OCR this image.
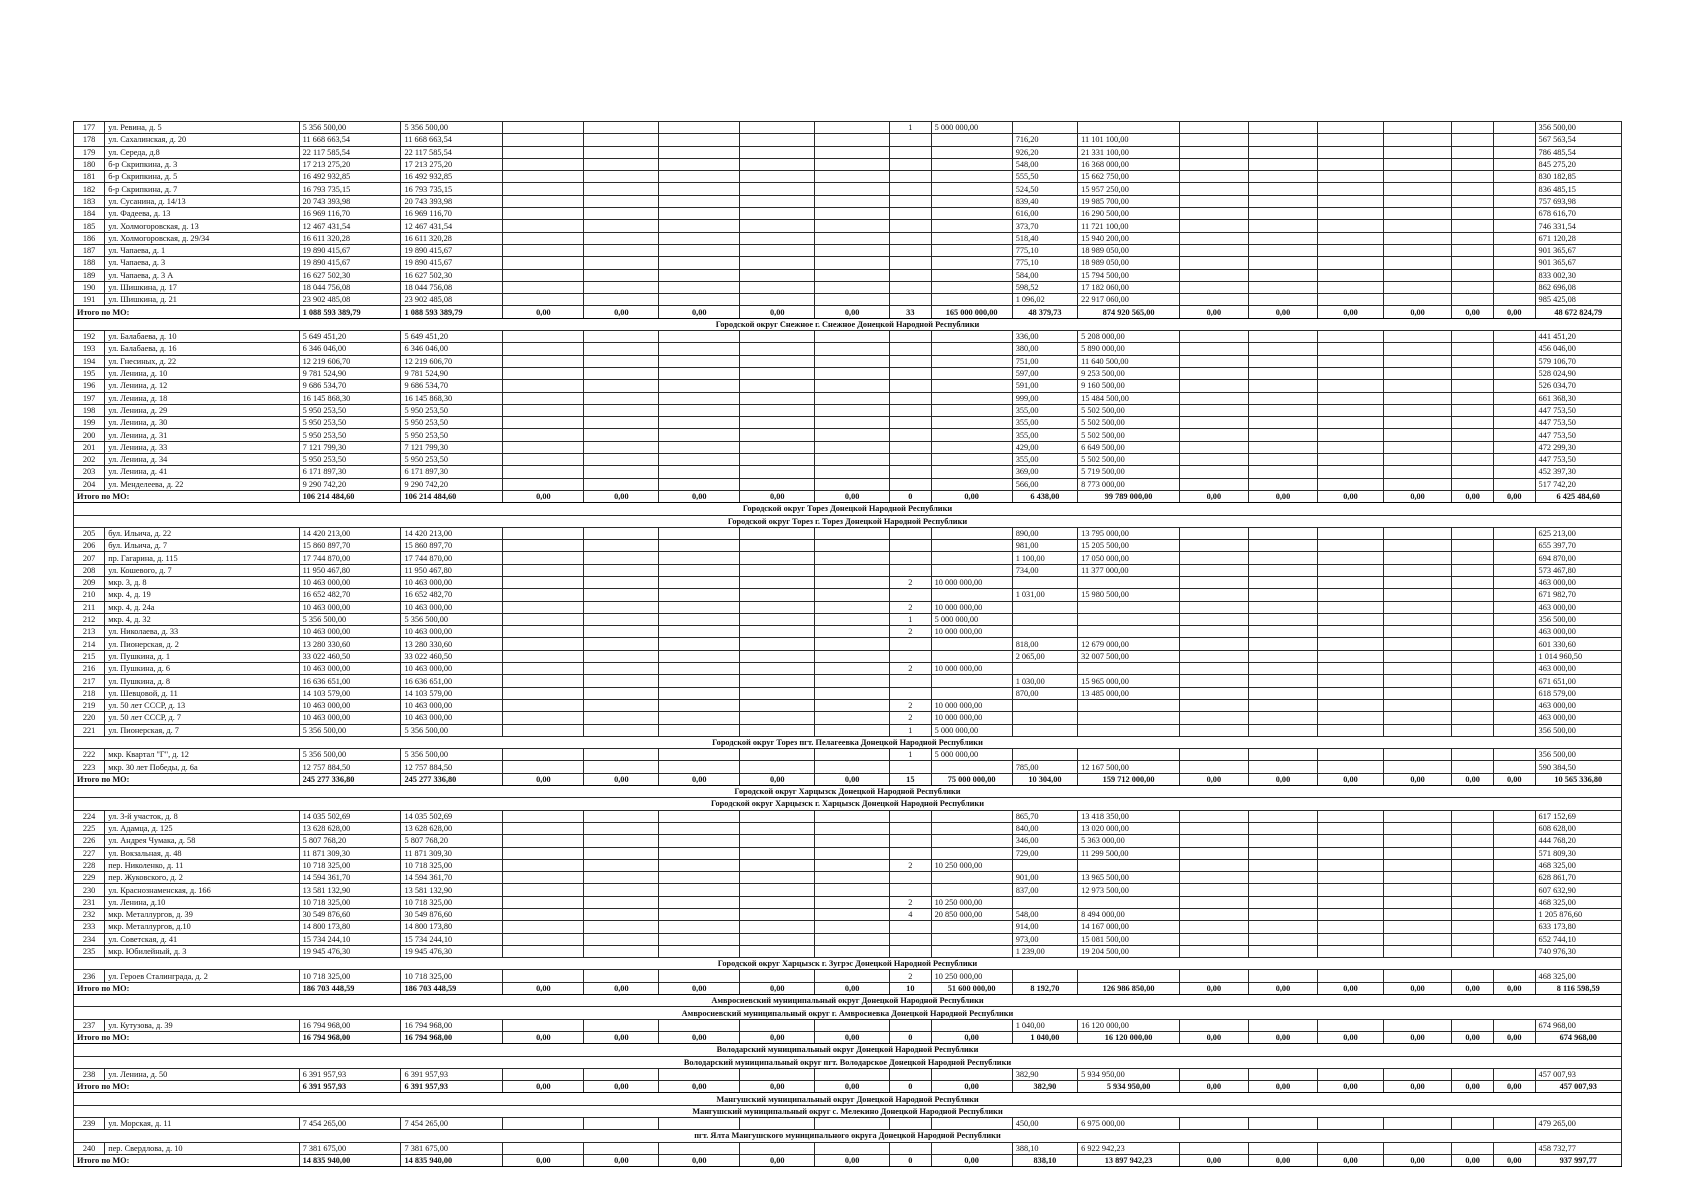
177	ул. Ревина, д. 5	5 356 500,00	5 356 500,00						1	5 000 000,00									356 500,00
178	ул. Сахалинская, д. 20	11 668 663,54	11 668 663,54								716,20	11 101 100,00							567 563,54
179	ул. Середа, д.8	22 117 585,54	22 117 585,54								926,20	21 331 100,00							786 485,54
180	б-р Скрипкина, д. 3	17 213 275,20	17 213 275,20								548,00	16 368 000,00							845 275,20
181	б-р Скрипкина, д. 5	16 492 932,85	16 492 932,85								555,50	15 662 750,00							830 182,85
182	б-р Скрипкина, д. 7	16 793 735,15	16 793 735,15								524,50	15 957 250,00							836 485,15
183	ул. Сусанина, д. 14/13	20 743 393,98	20 743 393,98								839,40	19 985 700,00							757 693,98
184	ул. Фадеева, д. 13	16 969 116,70	16 969 116,70								616,00	16 290 500,00							678 616,70
185	ул. Холмогоровская, д. 13	12 467 431,54	12 467 431,54								373,70	11 721 100,00							746 331,54
186	ул. Холмогоровская, д. 29/34	16 611 320,28	16 611 320,28								518,40	15 940 200,00							671 120,28
187	ул. Чапаева, д. 1	19 890 415,67	19 890 415,67								775,10	18 989 050,00							901 365,67
188	ул. Чапаева, д. 3	19 890 415,67	19 890 415,67								775,10	18 989 050,00							901 365,67
189	ул. Чапаева, д. 3 А	16 627 502,30	16 627 502,30								584,00	15 794 500,00							833 002,30
190	ул. Шишкина, д. 17	18 044 756,08	18 044 756,08								598,52	17 182 060,00							862 696,08
191	ул. Шишкина, д. 21	23 902 485,08	23 902 485,08								1 096,02	22 917 060,00							985 425,08
Итого по МО:		1 088 593 389,79	1 088 593 389,79	0,00	0,00	0,00	0,00	0,00	33	165 000 000,00	48 379,73	874 920 565,00	0,00	0,00	0,00	0,00	0,00	0,00	48 672 824,79
Городской округ Снежное г. Снежное Донецкой Народной Республики																			
192	ул. Балабаева, д. 10	5 649 451,20	5 649 451,20								336,00	5 208 000,00							441 451,20
193	ул. Балабаева, д. 16	6 346 046,00	6 346 046,00								380,00	5 890 000,00							456 046,00
194	ул. Гнесиных, д. 22	12 219 606,70	12 219 606,70								751,00	11 640 500,00							579 106,70
195	ул. Ленина, д. 10	9 781 524,90	9 781 524,90								597,00	9 253 500,00							528 024,90
196	ул. Ленина, д. 12	9 686 534,70	9 686 534,70								591,00	9 160 500,00							526 034,70
197	ул. Ленина, д. 18	16 145 868,30	16 145 868,30								999,00	15 484 500,00							661 368,30
198	ул. Ленина, д. 29	5 950 253,50	5 950 253,50								355,00	5 502 500,00							447 753,50
199	ул. Ленина, д. 30	5 950 253,50	5 950 253,50								355,00	5 502 500,00							447 753,50
200	ул. Ленина, д. 31	5 950 253,50	5 950 253,50								355,00	5 502 500,00							447 753,50
201	ул. Ленина, д. 33	7 121 799,30	7 121 799,30								429,00	6 649 500,00							472 299,30
202	ул. Ленина, д. 34	5 950 253,50	5 950 253,50								355,00	5 502 500,00							447 753,50
203	ул. Ленина, д. 41	6 171 897,30	6 171 897,30								369,00	5 719 500,00							452 397,30
204	ул. Менделеева, д. 22	9 290 742,20	9 290 742,20								566,00	8 773 000,00							517 742,20
Итого по МО:		106 214 484,60	106 214 484,60	0,00	0,00	0,00	0,00	0,00	0	0,00	6 438,00	99 789 000,00	0,00	0,00	0,00	0,00	0,00	0,00	6 425 484,60
Городской округ Торез Донецкой Народной Республики																			
Городской округ Торез г. Торез Донецкой Народной Республики																			
205	бул. Ильича, д. 22	14 420 213,00	14 420 213,00								890,00	13 795 000,00							625 213,00
206	бул. Ильича, д. 7	15 860 897,70	15 860 897,70								981,00	15 205 500,00							655 397,70
207	пр. Гагарина, д. 115	17 744 870,00	17 744 870,00								1 100,00	17 050 000,00							694 870,00
208	ул. Кошевого, д. 7	11 950 467,80	11 950 467,80								734,00	11 377 000,00							573 467,80
209	мкр. 3, д. 8	10 463 000,00	10 463 000,00						2	10 000 000,00									463 000,00
210	мкр. 4, д. 19	16 652 482,70	16 652 482,70								1 031,00	15 980 500,00							671 982,70
211	мкр. 4, д. 24а	10 463 000,00	10 463 000,00						2	10 000 000,00									463 000,00
212	мкр. 4, д. 32	5 356 500,00	5 356 500,00						1	5 000 000,00									356 500,00
213	ул. Николаева, д. 33	10 463 000,00	10 463 000,00						2	10 000 000,00									463 000,00
214	ул. Пионерская, д. 2	13 280 330,60	13 280 330,60								818,00	12 679 000,00							601 330,60
215	ул. Пушкина, д. 1	33 022 460,50	33 022 460,50								2 065,00	32 007 500,00							1 014 960,50
216	ул. Пушкина, д. 6	10 463 000,00	10 463 000,00						2	10 000 000,00									463 000,00
217	ул. Пушкина, д. 8	16 636 651,00	16 636 651,00								1 030,00	15 965 000,00							671 651,00
218	ул. Шевцовой, д. 11	14 103 579,00	14 103 579,00								870,00	13 485 000,00							618 579,00
219	ул. 50 лет СССР, д. 13	10 463 000,00	10 463 000,00						2	10 000 000,00									463 000,00
220	ул. 50 лет СССР, д. 7	10 463 000,00	10 463 000,00						2	10 000 000,00									463 000,00
221	ул. Пионерская, д. 7	5 356 500,00	5 356 500,00						1	5 000 000,00									356 500,00
Городской округ Торез пгт. Пелагеевка Донецкой Народной Республики																			
222	мкр. Квартал "Г", д. 12	5 356 500,00	5 356 500,00						1	5 000 000,00									356 500,00
223	мкр. 30 лет Победы, д. 6а	12 757 884,50	12 757 884,50								785,00	12 167 500,00							590 384,50
Итого по МО:		245 277 336,80	245 277 336,80	0,00	0,00	0,00	0,00	0,00	15	75 000 000,00	10 304,00	159 712 000,00	0,00	0,00	0,00	0,00	0,00	0,00	10 565 336,80
Городской округ Харцызск Донецкой Народной Республики																			
Городской округ Харцызск г. Харцызск Донецкой Народной Республики																			
224	ул. 3-й участок, д. 8	14 035 502,69	14 035 502,69								865,70	13 418 350,00							617 152,69
225	ул. Адамца, д. 125	13 628 628,00	13 628 628,00								840,00	13 020 000,00							608 628,00
226	ул. Андрея Чумака, д. 58	5 807 768,20	5 807 768,20								346,00	5 363 000,00							444 768,20
227	ул. Вокзальная, д. 48	11 871 309,30	11 871 309,30								729,00	11 299 500,00							571 809,30
228	пер. Николенко, д. 11	10 718 325,00	10 718 325,00						2	10 250 000,00									468 325,00
229	пер. Жуковского, д. 2	14 594 361,70	14 594 361,70								901,00	13 965 500,00							628 861,70
230	ул. Краснознаменская, д. 166	13 581 132,90	13 581 132,90								837,00	12 973 500,00							607 632,90
231	ул. Ленина, д.10	10 718 325,00	10 718 325,00						2	10 250 000,00									468 325,00
232	мкр. Металлургов, д. 39	30 549 876,60	30 549 876,60						4	20 850 000,00	548,00	8 494 000,00							1 205 876,60
233	мкр. Металлургов, д.10	14 800 173,80	14 800 173,80								914,00	14 167 000,00							633 173,80
234	ул. Советская, д. 41	15 734 244,10	15 734 244,10								973,00	15 081 500,00							652 744,10
235	мкр. Юбилейный, д. 3	19 945 476,30	19 945 476,30								1 239,00	19 204 500,00							740 976,30
Городской округ Харцызск г. Зугрэс Донецкой Народной Республики																			
236	ул. Героев Сталинграда, д. 2	10 718 325,00	10 718 325,00						2	10 250 000,00									468 325,00
Итого по МО:		186 703 448,59	186 703 448,59	0,00	0,00	0,00	0,00	0,00	10	51 600 000,00	8 192,70	126 986 850,00	0,00	0,00	0,00	0,00	0,00	0,00	8 116 598,59
Амвросиевский муниципальный округ Донецкой Народной Республики																			
Амвросиевский муниципальный округ г. Амвросиевка Донецкой Народной Республики																			
237	ул. Кутузова, д. 39	16 794 968,00	16 794 968,00								1 040,00	16 120 000,00							674 968,00
Итого по МО:		16 794 968,00	16 794 968,00	0,00	0,00	0,00	0,00	0,00	0	0,00	1 040,00	16 120 000,00	0,00	0,00	0,00	0,00	0,00	0,00	674 968,00
Володарский муниципальный округ Донецкой Народной Республики																			
Володарский муниципальный округ пгт. Володарское Донецкой Народной Республики																			
238	ул. Ленина, д. 50	6 391 957,93	6 391 957,93								382,90	5 934 950,00							457 007,93
Итого по МО:		6 391 957,93	6 391 957,93	0,00	0,00	0,00	0,00	0,00	0	0,00	382,90	5 934 950,00	0,00	0,00	0,00	0,00	0,00	0,00	457 007,93
Мангушский муниципальный округ Донецкой Народной Республики																			
Мангушский муниципальный округ с. Мелекино Донецкой Народной Республики																			
239	ул. Морская, д. 11	7 454 265,00	7 454 265,00								450,00	6 975 000,00							479 265,00
пгт. Ялта Мангушского муниципального округа Донецкой Народной Республики																			
240	пер. Свердлова, д. 10	7 381 675,00	7 381 675,00								388,10	6 922 942,23							458 732,77
Итого по МО:		14 835 940,00	14 835 940,00	0,00	0,00	0,00	0,00	0,00	0	0,00	838,10	13 897 942,23	0,00	0,00	0,00	0,00	0,00	0,00	937 997,77
